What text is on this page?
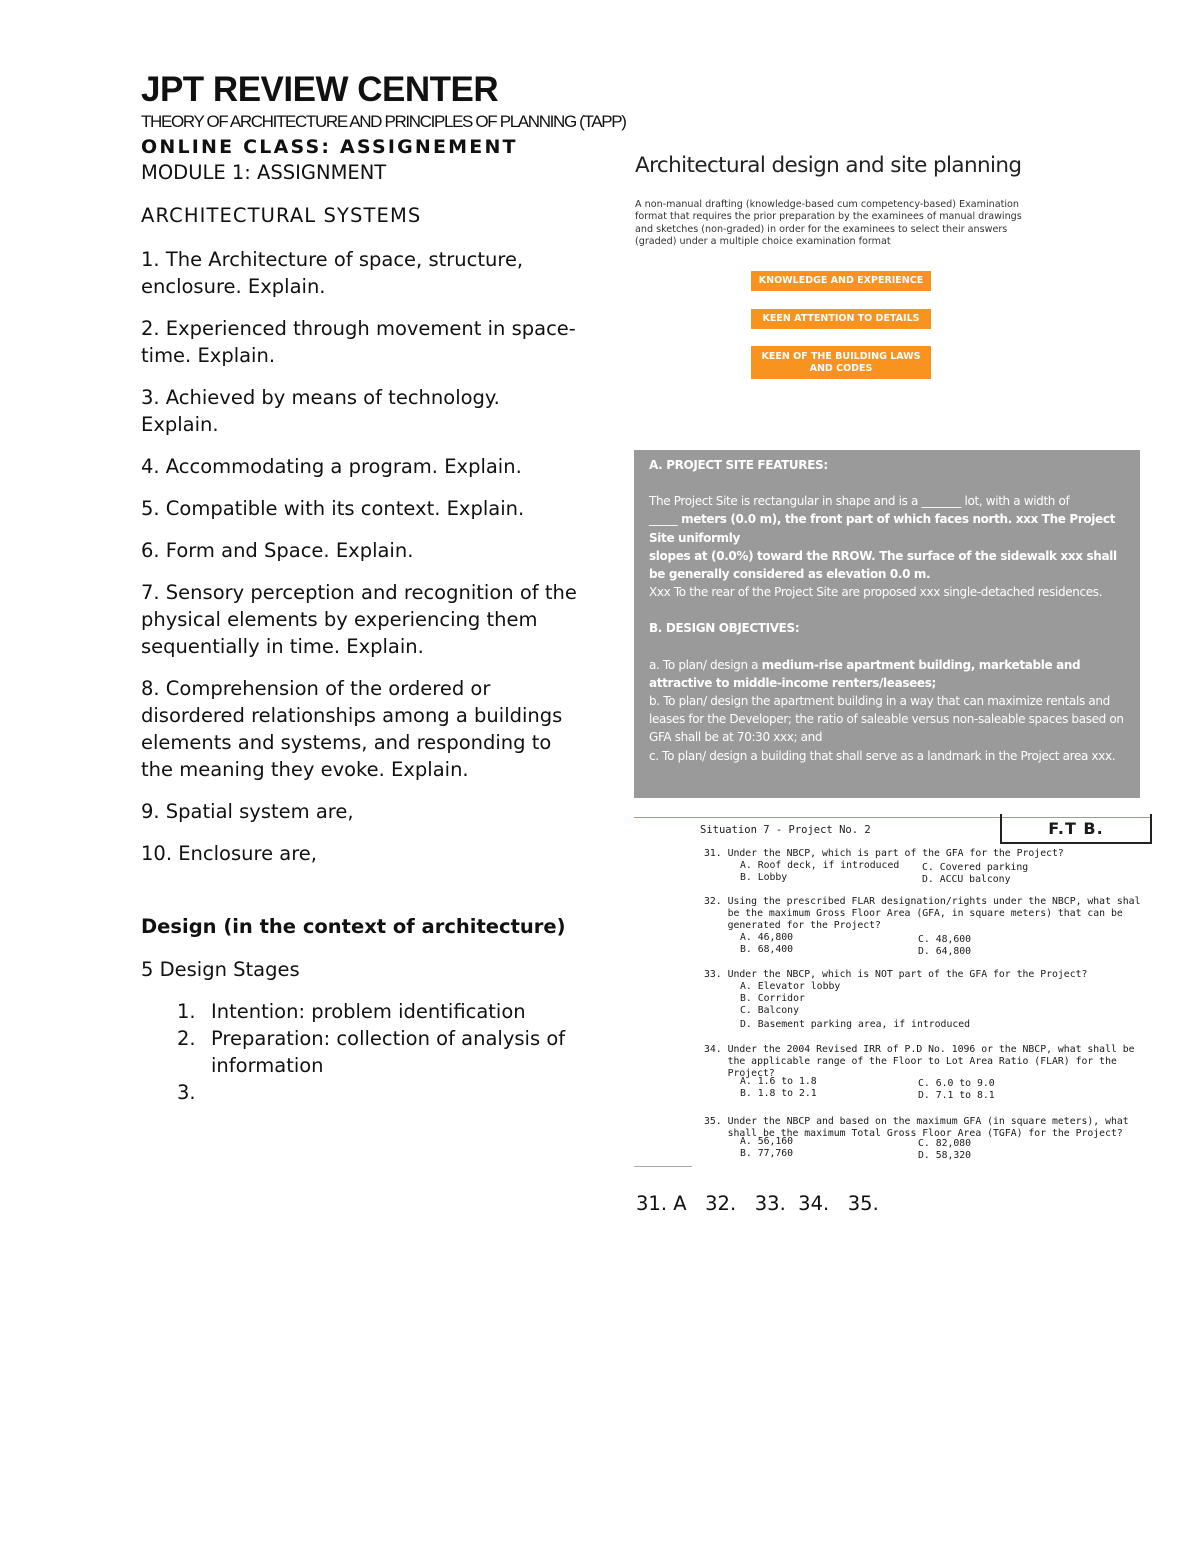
JPT REVIEW CENTER
THEORY OF ARCHITECTURE AND PRINCIPLES OF PLANNING (TAPP)
ONLINE CLASS: ASSIGNEMENT
MODULE 1: ASSIGNMENT
ARCHITECTURAL SYSTEMS
1. The Architecture of space, structure, enclosure. Explain.
2. Experienced through movement in space-time. Explain.
3. Achieved by means of technology. Explain.
4. Accommodating a program. Explain.
5. Compatible with its context. Explain.
6. Form and Space. Explain.
7. Sensory perception and recognition of the physical elements by experiencing them sequentially in time. Explain.
8. Comprehension of the ordered or disordered relationships among a buildings elements and systems, and responding to the meaning they evoke. Explain.
9. Spatial system are,
10. Enclosure are,
Design (in the context of architecture)
5 Design Stages
Intention: problem identification
Preparation: collection of analysis of information
Architectural design and site planning
A non-manual drafting (knowledge-based cum competency-based) Examination format that requires the prior preparation by the examinees of manual drawings and sketches (non-graded) in order for the examinees to select their answers (graded) under a multiple choice examination format
KNOWLEDGE AND EXPERIENCE
KEEN ATTENTION TO DETAILS
KEEN OF THE BUILDING LAWS AND CODES
A. PROJECT SITE FEATURES:
The Project Site is rectangular in shape and is a _______ lot, with a width of
_____ meters (0.0 m), the front part of which faces north. xxx The Project Site uniformly
slopes at (0.0%) toward the RROW. The surface of the sidewalk xxx shall be generally considered as elevation 0.0 m.
Xxx To the rear of the Project Site are proposed xxx single-detached residences.
B. DESIGN OBJECTIVES:
a. To plan/ design a medium-rise apartment building, marketable and attractive to middle-income renters/leasees;
b. To plan/ design the apartment building in a way that can maximize rentals and leases for the Developer; the ratio of saleable versus non-saleable spaces based on GFA shall be at 70:30 xxx; and
c. To plan/ design a building that shall serve as a landmark in the Project area xxx.
F.T B.
Situation 7 - Project No. 2
31. Under the NBCP, which is part of the GFA for the Project?
A. Roof deck, if introduced
B. Lobby
C. Covered parking
D. ACCU balcony
32. Using the prescribed FLAR designation/rights under the NBCP, what shal
be the maximum Gross Floor Area (GFA, in square meters) that can be
generated for the Project?
A. 46,800
B. 68,400
C. 48,600
D. 64,800
33. Under the NBCP, which is NOT part of the GFA for the Project?
A. Elevator lobby
B. Corridor
C. Balcony
D. Basement parking area, if introduced
34. Under the 2004 Revised IRR of P.D No. 1096 or the NBCP, what shall be
the applicable range of the Floor to Lot Area Ratio (FLAR) for the
Project?
A. 1.6 to 1.8
B. 1.8 to 2.1
C. 6.0 to 9.0
D. 7.1 to 8.1
35. Under the NBCP and based on the maximum GFA (in square meters), what
shall be the maximum Total Gross Floor Area (TGFA) for the Project?
A. 56,160
B. 77,760
C. 82,080
D. 58,320
31. A   32.   33.  34.   35.
